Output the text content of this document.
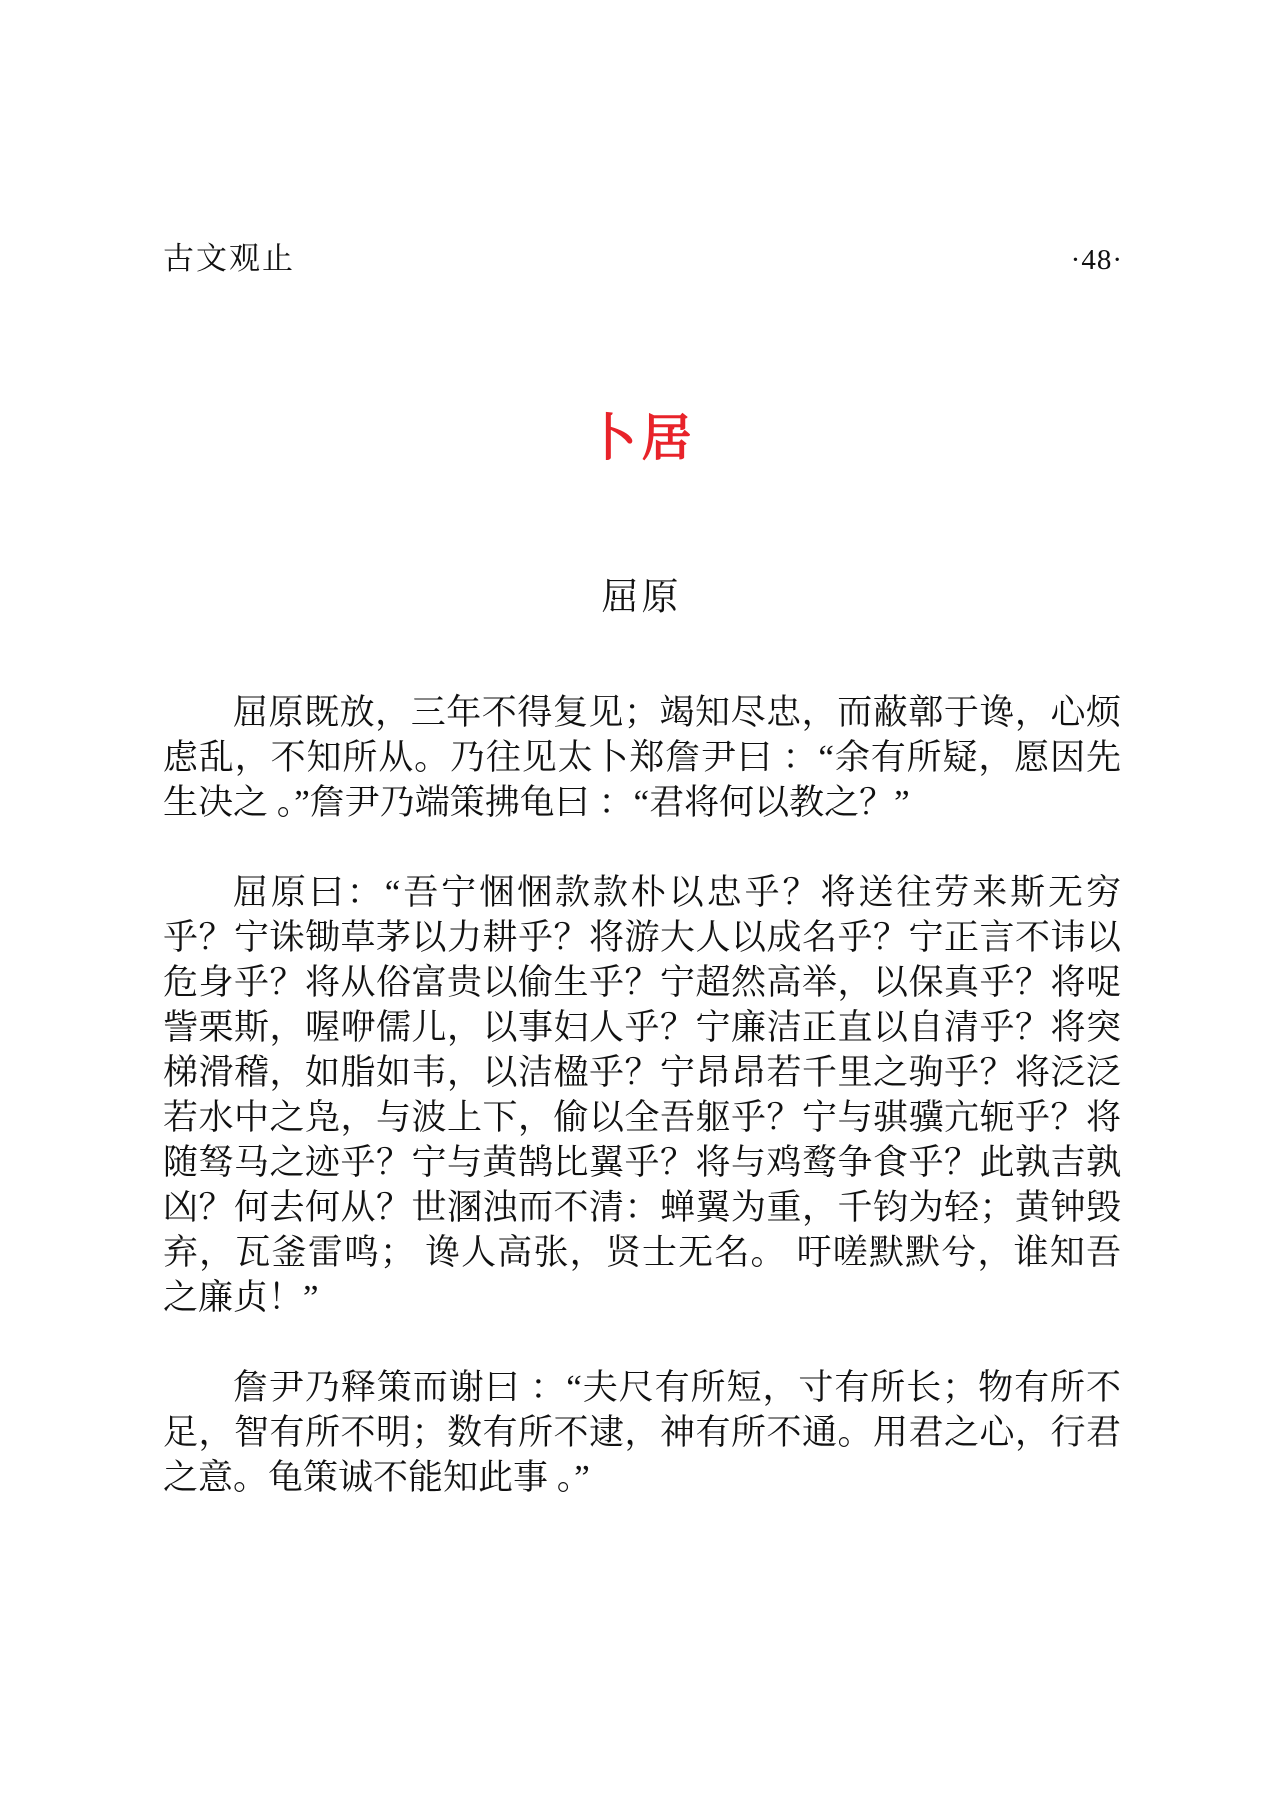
古文观止	·48·
卜居
屈原

屈原既放，三年不得复见；竭知尽忠，而蔽鄣于谗，心烦虑乱，不知所从。乃往见太卜郑詹尹曰 ：“余有所疑，愿因先生决之 。”詹尹乃端策拂龟曰 ：“君将何以教之？”

屈原曰：“吾宁悃悃款款朴以忠乎？将送往劳来斯无穷乎？宁诛锄草茅以力耕乎？将游大人以成名乎？宁正言不讳以危身乎？将从俗富贵以偷生乎？宁超然高举，以保真乎？将哫訾栗斯，喔咿儒儿，以事妇人乎？宁廉洁正直以自清乎？将突梯滑稽，如脂如韦，以洁楹乎？宁昂昂若千里之驹乎？将泛泛若水中之凫，与波上下，偷以全吾躯乎？宁与骐骥亢轭乎？将随驽马之迹乎？宁与黄鹄比翼乎？将与鸡鹜争食乎？此孰吉孰凶？何去何从？世溷浊而不清：蝉翼为重，千钧为轻；黄钟毁弃，瓦釜雷鸣； 谗人高张，贤士无名。 吁嗟默默兮，谁知吾之廉贞！”

詹尹乃释策而谢曰 ：“夫尺有所短，寸有所长；物有所不足，智有所不明；数有所不逮，神有所不通。用君之心，行君之意。龟策诚不能知此事 。”
